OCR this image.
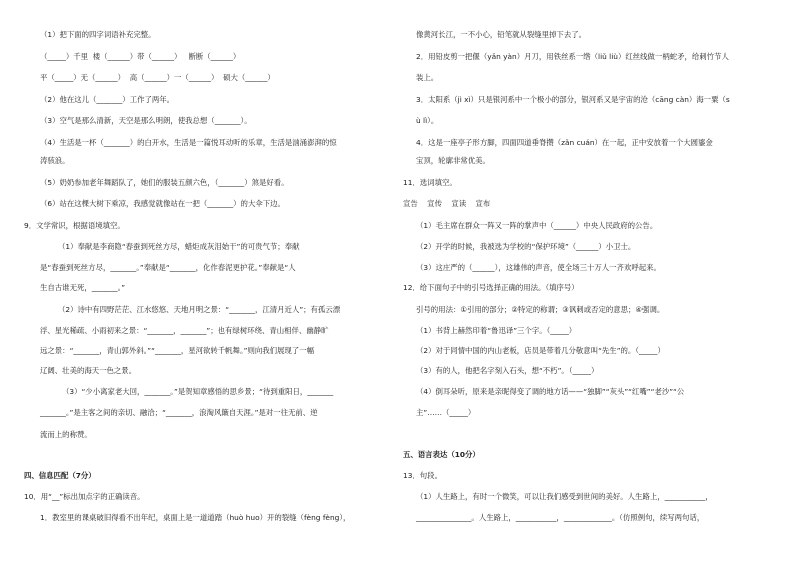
（1）把下面的四字词语补充完整。
（_____）千里  楼（______）带（______）   断断（______）
平（_____）无（______）  高（______）一（______）  硕大（______）
（2）他在这儿（_______）工作了两年。
（3）空气是那么清新，天空是那么明朗，使我总想（_______）。
（4）生活是一杯（_______）的白开水，生活是一篇悦耳动听的乐章，生活是汹涌澎湃的惊
涛骇浪。
（5）奶奶参加老年舞蹈队了，她们的服装五颜六色，（_______）煞是好看。
（6）站在这棵大树下乘凉，我感觉就像站在一把（_______）的大伞下边。
9．文学常识，根据语境填空。
（1）奉献是李商隐“春蚕到死丝方尽，蜡炬成灰泪始干”的可贵气节；奉献
是“春蚕到死丝方尽，_______。”奉献是“_______，化作春泥更护花。”奉献是“人
生自古谁无死，_______。”
（2）诗中有四野茫茫、江水悠悠、天地月明之景：“_______，江清月近人”；有孤云漂
浮、星光稀疏、小雨初来之景：“_______，_______”；也有绿树环绕、青山相伴、幽静旷
远之景：“_______，青山郭外斜。”“_______，星河欲转千帆舞。”则向我们展现了一幅
辽阔、壮美的海天一色之景。
（3）“少小离家老大回，_______。”是贺知章感悟的思乡景；“待到重阳日，_______
_______。”是主客之间的亲切、融洽；“_______，浪淘风簸自天涯。”是对一往无前、逆
流而上的称赞。
四、信息匹配（7分）
10．用“__”标出加点字的正确读音。
1．教室里的课桌破旧得看不出年纪，桌面上是一道道踏（huò huo）开的裂缝（fèng fèng），
像黄河长江，一不小心，铅笔就从裂缝里掉下去了。
2．用铅皮剪一把偃（yǎn yàn）月刀，用铁丝系一绺（liǔ liù）红丝线做一柄蛇矛，给刺竹节人
装上。
3．太阳系（jì xì）只是银河系中一个极小的部分，银河系又是宇宙的沧（cāng càn）海一粟（s
ù lì）。
4．这是一座亭子形方脚，四面四道垂脊攒（zǎn cuán）在一起，正中安放着一个大圆鎏金
宝顶，轮廓非常优美。
11．选词填空。
宣告    宣传    宣读    宣布
（1）毛主席在群众一阵又一阵的掌声中（______）中央人民政府的公告。
（2）开学的时候，我被选为学校的“保护环境”（______）小卫士。
（3）这庄严的（______），这雄伟的声音，使全场三十万人一齐欢呼起来。
12．给下面句子中的引号选择正确的用法。（填序号）
引号的用法：①引用的部分；②特定的称谓；③讽刺或否定的意思；④强调。
（1）书背上赫然印着“鲁迅译”三个字。（_____）
（2）对于同情中国的内山老板，店员是带着几分敬意叫“先生”的。（_____）
（3）有的人，他把名字刻入石头，想“不朽”。（_____）
（4）倒耳朵听，原来是亲昵得变了调的地方话——“独脚”“灰头”“红嘴”“老沙”“公
主”……（_____）
五、语言表达（10分）
13．句段。
（1）人生路上，有时一个微笑，可以让我们感受到世间的美好。人生路上，___________，
_______________。人生路上，___________，_____________。（仿照例句，续写两句话，
